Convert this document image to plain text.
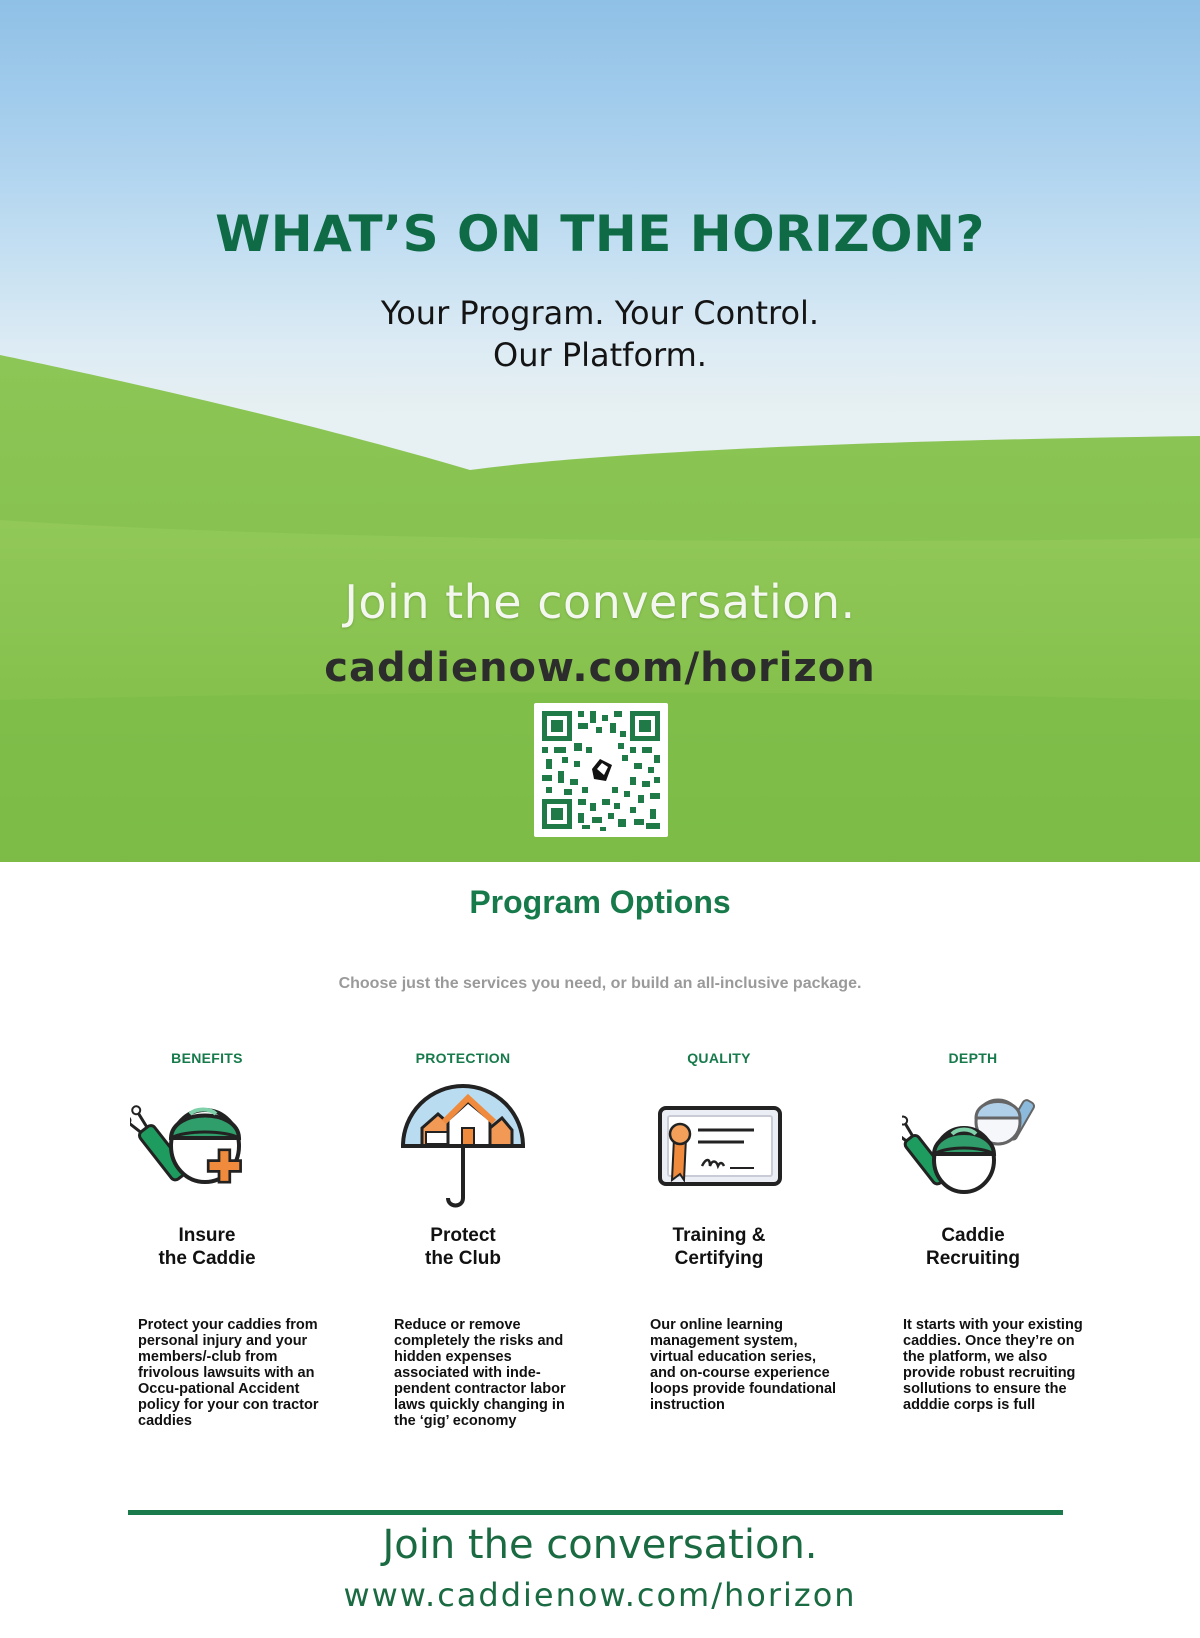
WHAT’S ON THE HORIZON?
Your Program. Your Control.
Our Platform.
Join the conversation.
caddienow.com/horizon
Program Options
Choose just the services you need, or build an all-inclusive package.
BENEFITS
Insure
the Caddie
Protect your caddies from personal injury and your members/-club from frivolous lawsuits with an Occu-pational Accident policy for your con tractor caddies
PROTECTION
Protect
the Club
Reduce or remove completely the risks and hidden expenses associated with inde-pendent contractor labor laws quickly changing in the ‘gig’ economy
QUALITY
Training &
Certifying
Our online learning management system, virtual education series, and on-course experience loops provide foundational instruction
DEPTH
Caddie
Recruiting
It starts with your existing caddies. Once they’re on the platform, we also provide robust recruiting sollutions to ensure the adddie corps is full
Join the conversation.
www.caddienow.com/horizon
